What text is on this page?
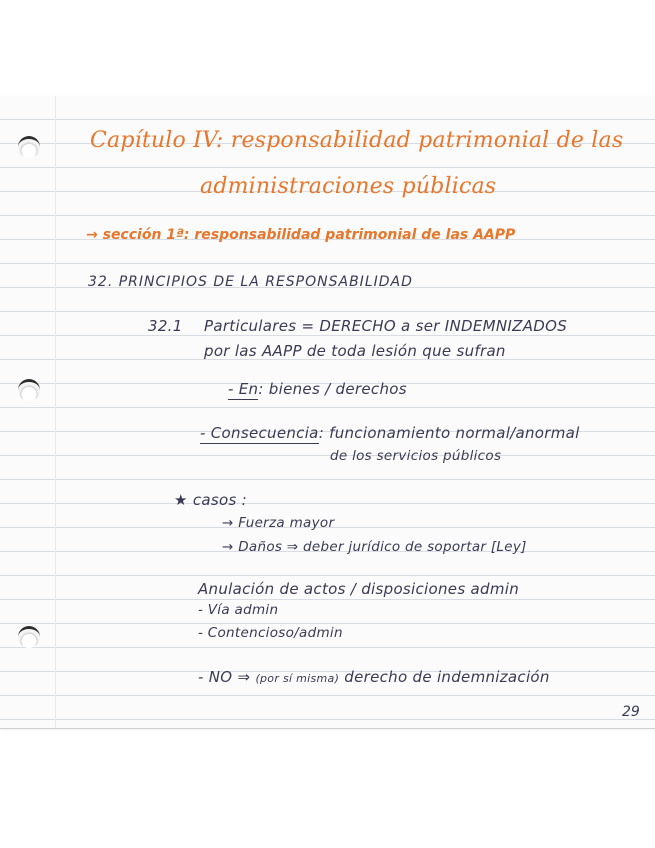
Capítulo IV: responsabilidad patrimonial de las
administraciones públicas
→ sección 1ª: responsabilidad patrimonial de las AAPP
32. PRINCIPIOS DE LA RESPONSABILIDAD
32.1 Particulares = DERECHO a ser INDEMNIZADOS
por las AAPP de toda lesión que sufran
- En: bienes / derechos
- Consecuencia: funcionamiento normal/anormal
de los servicios públicos
★ casos :
→ Fuerza mayor
→ Daños ⇒ deber jurídico de soportar [Ley]
Anulación de actos / disposiciones admin
- Vía admin
- Contencioso/admin
- NO ⇒ (por sí misma) derecho de indemnización
29
